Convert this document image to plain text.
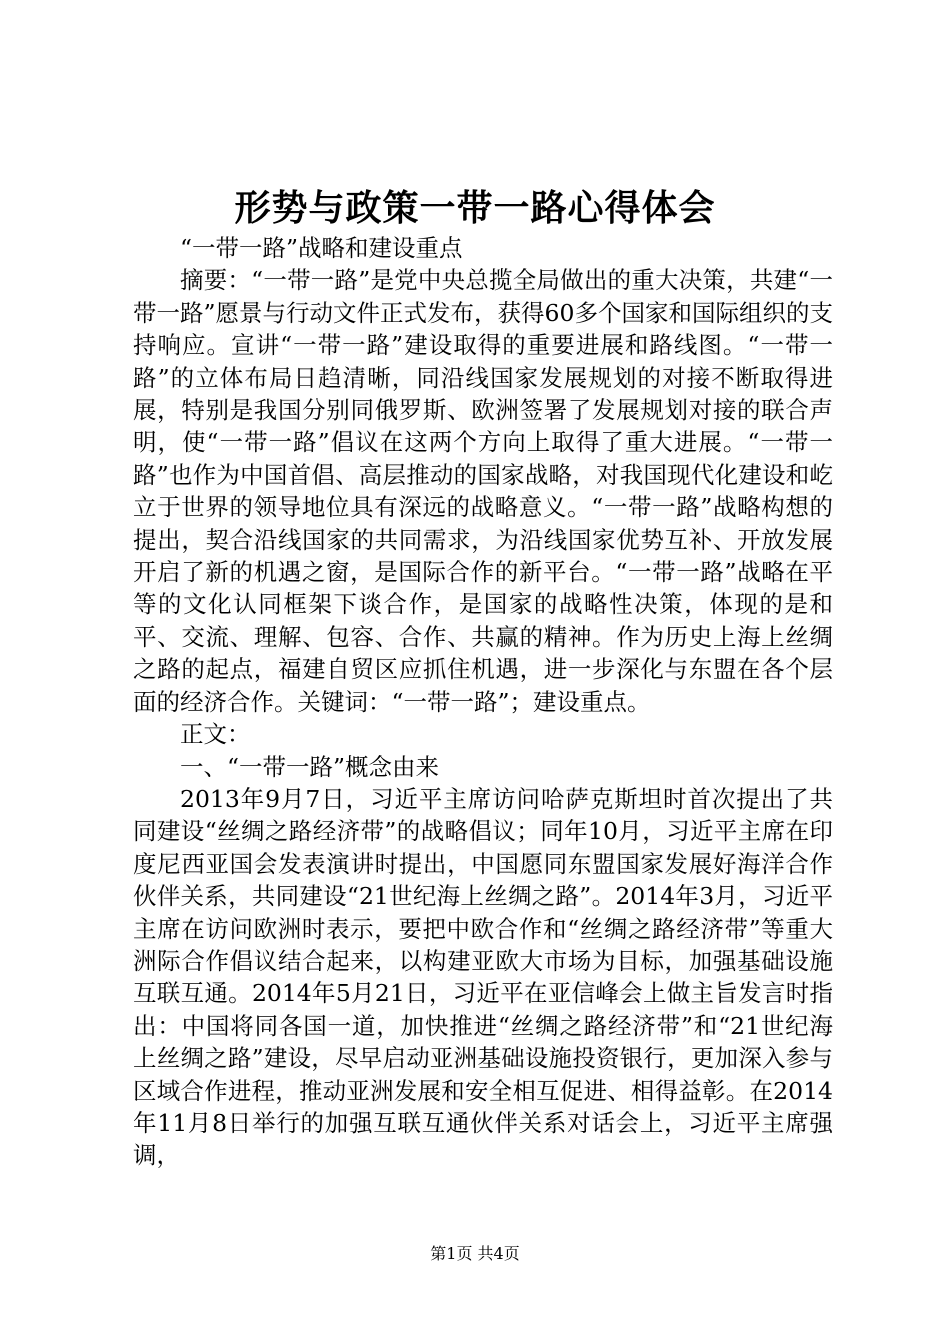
形势与政策一带一路心得体会

“一带一路”战略和建设重点

摘要：“一带一路”是党中央总揽全局做出的重大决策，共建“一带一路”愿景与行动文件正式发布，获得60多个国家和国际组织的支持响应。宣讲“一带一路”建设取得的重要进展和路线图。“一带一路”的立体布局日趋清晰，同沿线国家发展规划的对接不断取得进展，特别是我国分别同俄罗斯、欧洲签署了发展规划对接的联合声明，使“一带一路”倡议在这两个方向上取得了重大进展。“一带一路”也作为中国首倡、高层推动的国家战略，对我国现代化建设和屹立于世界的领导地位具有深远的战略意义。“一带一路”战略构想的提出，契合沿线国家的共同需求，为沿线国家优势互补、开放发展开启了新的机遇之窗，是国际合作的新平台。“一带一路”战略在平等的文化认同框架下谈合作，是国家的战略性决策，体现的是和平、交流、理解、包容、合作、共赢的精神。作为历史上海上丝绸之路的起点，福建自贸区应抓住机遇，进一步深化与东盟在各个层面的经济合作。关键词：“一带一路”；建设重点。

正文：

一、“一带一路”概念由来

2013年9月7日，习近平主席访问哈萨克斯坦时首次提出了共同建设“丝绸之路经济带”的战略倡议；同年10月，习近平主席在印度尼西亚国会发表演讲时提出，中国愿同东盟国家发展好海洋合作伙伴关系，共同建设“21世纪海上丝绸之路”。2014年3月，习近平主席在访问欧洲时表示，要把中欧合作和“丝绸之路经济带”等重大洲际合作倡议结合起来，以构建亚欧大市场为目标，加强基础设施互联互通。2014年5月21日，习近平在亚信峰会上做主旨发言时指出：中国将同各国一道，加快推进“丝绸之路经济带”和“21世纪海上丝绸之路”建设，尽早启动亚洲基础设施投资银行，更加深入参与区域合作进程，推动亚洲发展和安全相互促进、相得益彰。在2014年11月8日举行的加强互联互通伙伴关系对话会上，习近平主席强调，

第1页 共4页
